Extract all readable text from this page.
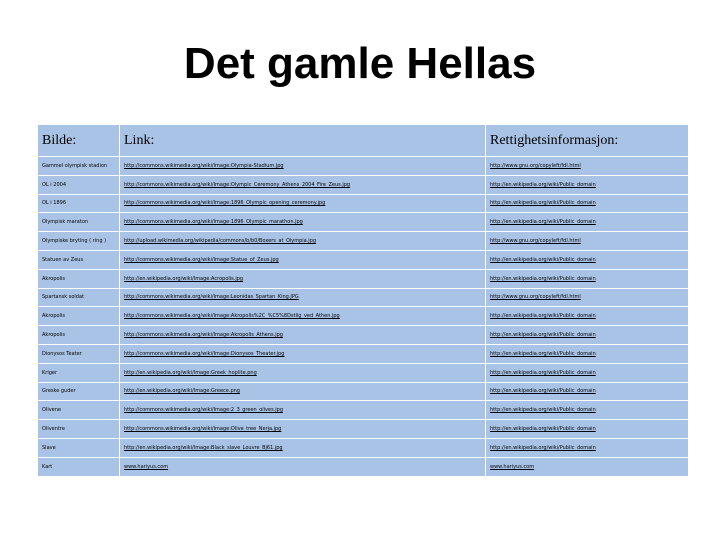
Det gamle Hellas
Bilde:	Link:	Rettighetsinformasjon:
Gammel olympisk stadion	http://commons.wikimedia.org/wiki/Image:Olympia-Stadium.jpg	http://www.gnu.org/copyleft/fdl.html
OL i 2004	http://commons.wikimedia.org/wiki/Image:Olympic_Ceremony_Athens_2004_Fire_Zeus.jpg	http://en.wikipedia.org/wiki/Public_domain
OL i 1896	http://commons.wikimedia.org/wiki/Image:1896_Olympic_opening_ceremony.jpg	http://en.wikipedia.org/wiki/Public_domain
Olympisk maraton	http://commons.wikimedia.org/wiki/Image:1896_Olympic_marathon.jpg	http://en.wikipedia.org/wiki/Public_domain
Olympiske bryting ( ring )	http://upload.wikimedia.org/wikipedia/commons/b/b0/Boxers_at_Olympia.jpg	http://www.gnu.org/copyleft/fdl.html
Statuen av Zeus	http://commons.wikimedia.org/wiki/Image:Statue_of_Zeus.jpg	http://en.wikipedia.org/wiki/Public_domain
Akropolis	http://en.wikipedia.org/wiki/Image:Acropolis.jpg	http://en.wikipedia.org/wiki/Public_domain
Spartansk soldat	http://commons.wikimedia.org/wiki/Image:Leonidas_Spartan_King.JPG	http://www.gnu.org/copyleft/fdl.html
Akropolis	http://commons.wikimedia.org/wiki/Image:Akropolis%2C_%C5%8Dstlig_ved_Athen.jpg	http://en.wikipedia.org/wiki/Public_domain
Akropolis	http://commons.wikimedia.org/wiki/Image:Akropolis_Athens.jpg	http://en.wikipedia.org/wiki/Public_domain
Dionysos Teater	http://commons.wikimedia.org/wiki/Image:Dionysos_Theater.jpg	http://en.wikipedia.org/wiki/Public_domain
Kriger	http://en.wikipedia.org/wiki/Image:Greek_hoplite.png	http://en.wikipedia.org/wiki/Public_domain
Greske guder	http://en.wikipedia.org/wiki/Image:Greece.png	http://en.wikipedia.org/wiki/Public_domain
Olivene	http://commons.wikimedia.org/wiki/Image:2_3_green_olives.jpg	http://en.wikipedia.org/wiki/Public_domain
Oliventre	http://commons.wikimedia.org/wiki/Image:Olive_tree_Nerja.jpg	http://en.wikipedia.org/wiki/Public_domain
Slave	http://en.wikipedia.org/wiki/Image:Black_slave_Louvre_Bj61.jpg	http://en.wikipedia.org/wiki/Public_domain
Kart	www.hariyus.com	www.hariyus.com
